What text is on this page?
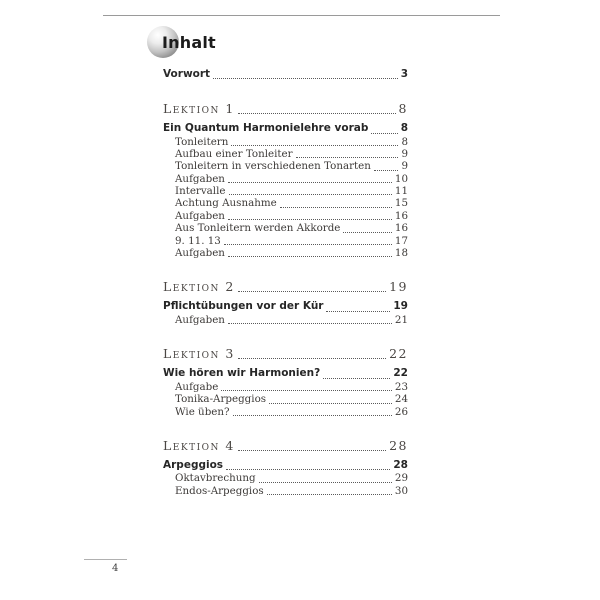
Inhalt
Vorwort	3
Lektion 1	8
Ein Quantum Harmonielehre vorab	8
Tonleitern	8
Aufbau einer Tonleiter	9
Tonleitern in verschiedenen Tonarten	9
Aufgaben	10
Intervalle	11
Achtung Ausnahme	15
Aufgaben	16
Aus Tonleitern werden Akkorde	16
9. 11. 13	17
Aufgaben	18
Lektion 2	19
Pflichtübungen vor der Kür	19
Aufgaben	21
Lektion 3	22
Wie hören wir Harmonien?	22
Aufgabe	23
Tonika-Arpeggios	24
Wie üben?	26
Lektion 4	28
Arpeggios	28
Oktavbrechung	29
Endos-Arpeggios	30
4
